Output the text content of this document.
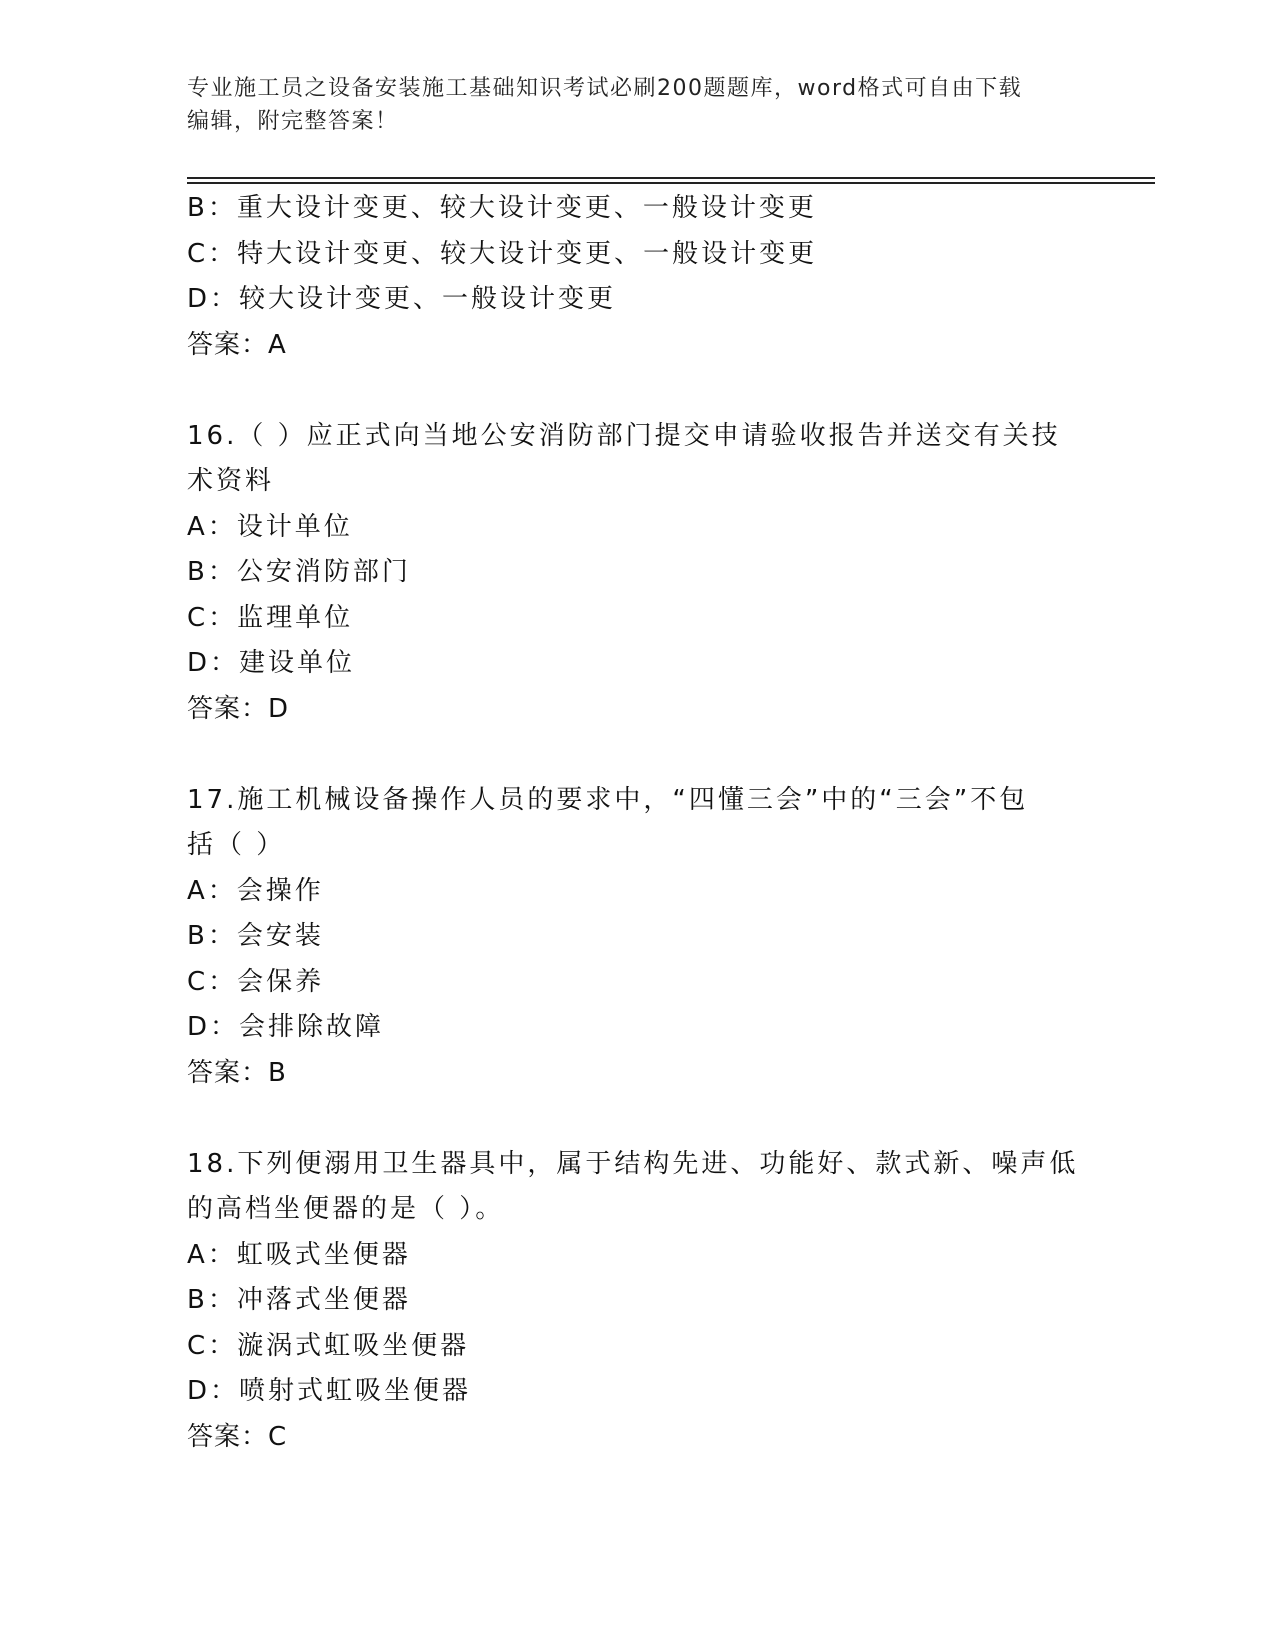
专业施工员之设备安装施工基础知识考试必刷200题题库，word格式可自由下载
编辑，附完整答案！
B：重大设计变更、较大设计变更、一般设计变更
C：特大设计变更、较大设计变更、一般设计变更
D：较大设计变更、一般设计变更
答案：A
16.（ ）应正式向当地公安消防部门提交申请验收报告并送交有关技
术资料
A：设计单位
B：公安消防部门
C：监理单位
D：建设单位
答案：D
17.施工机械设备操作人员的要求中，“四懂三会”中的“三会”不包
括（ ）
A：会操作
B：会安装
C：会保养
D：会排除故障
答案：B
18.下列便溺用卫生器具中，属于结构先进、功能好、款式新、噪声低
的高档坐便器的是（ ）。
A：虹吸式坐便器
B：冲落式坐便器
C：漩涡式虹吸坐便器
D：喷射式虹吸坐便器
答案：C
